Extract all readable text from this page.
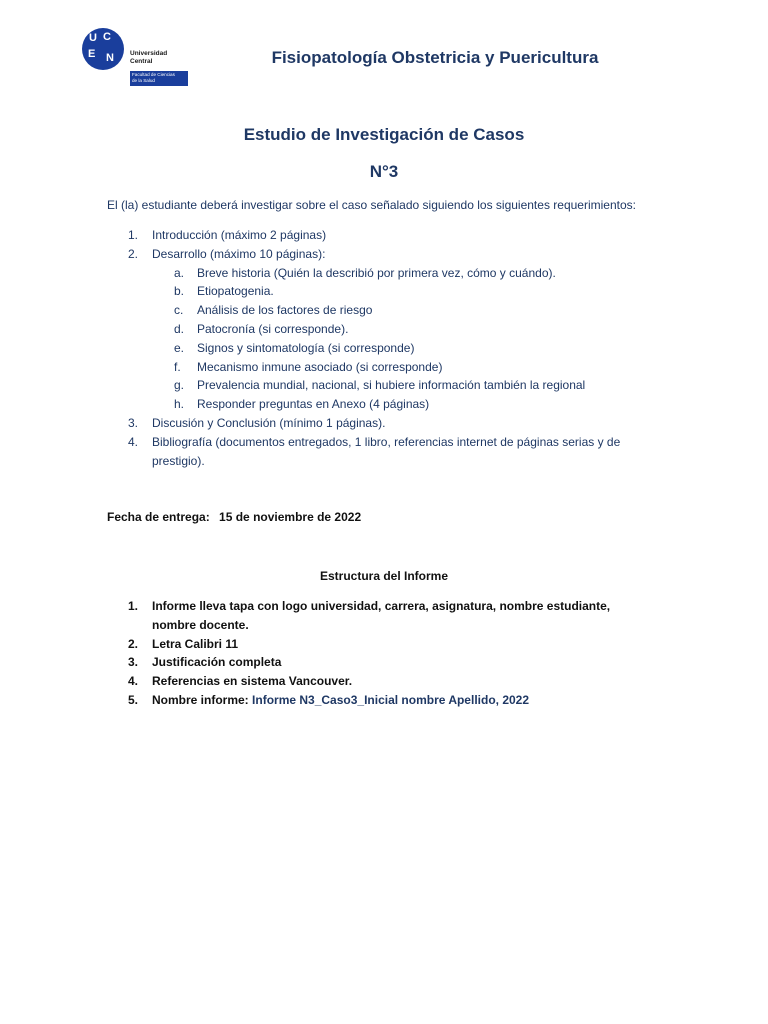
U C
E N Universidad
Central
Facultad de Ciencias
de la Salud
Fisiopatología Obstetricia y Puericultura
Estudio de Investigación de Casos
N°3
El (la) estudiante deberá investigar sobre el caso señalado siguiendo los siguientes requerimientos:
1. Introducción (máximo 2 páginas)
2. Desarrollo (máximo 10 páginas):
a. Breve historia (Quién la describió por primera vez, cómo y cuándo).
b. Etiopatogenia.
c. Análisis de los factores de riesgo
d. Patocronía (si corresponde).
e. Signos y sintomatología (si corresponde)
f. Mecanismo inmune asociado (si corresponde)
g. Prevalencia mundial, nacional, si hubiere información también la regional
h. Responder preguntas en Anexo (4 páginas)
3. Discusión y Conclusión (mínimo 1 páginas).
4. Bibliografía (documentos entregados, 1 libro, referencias internet de páginas serias y de prestigio).
Fecha de entrega: 15 de noviembre de 2022
Estructura del Informe
1. Informe lleva tapa con logo universidad, carrera, asignatura, nombre estudiante, nombre docente.
2. Letra Calibri 11
3. Justificación completa
4. Referencias en sistema Vancouver.
5. Nombre informe: Informe N3_Caso3_Inicial nombre Apellido, 2022
